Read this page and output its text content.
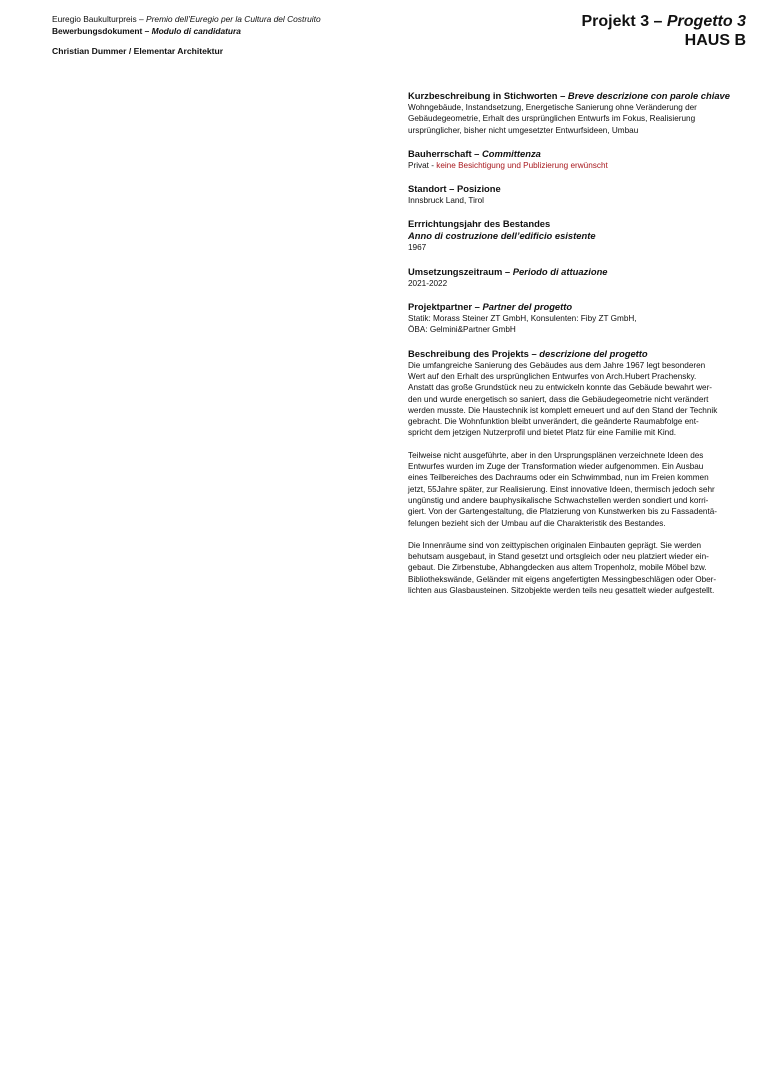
Euregio Baukulturpreis – Premio dell’Euregio per la Cultura del Costruito
Bewerbungsdokument – Modulo di candidatura
Christian Dummer / Elementar Architektur
Projekt 3 – Progetto 3
HAUS B
Kurzbeschreibung in Stichworten – Breve descrizione con parole chiave
Wohngebäude, Instandsetzung, Energetische Sanierung ohne Veränderung der
Gebäudegeometrie, Erhalt des ursprünglichen Entwurfs im Fokus, Realisierung
ursprünglicher, bisher nicht umgesetzter Entwurfsideen, Umbau
Bauherrschaft – Committenza
Privat - keine Besichtigung und Publizierung erwünscht
Standort – Posizione
Innsbruck Land, Tirol
Errrichtungsjahr des Bestandes
Anno di costruzione dell’edificio esistente
1967
Umsetzungszeitraum – Periodo di attuazione
2021-2022
Projektpartner – Partner del progetto
Statik: Morass Steiner ZT GmbH, Konsulenten: Fiby ZT GmbH,
ÖBA: Gelmini&Partner GmbH
Beschreibung des Projekts – descrizione del progetto
Die umfangreiche Sanierung des Gebäudes aus dem Jahre 1967 legt besonderen
Wert auf den Erhalt des ursprünglichen Entwurfes von Arch.Hubert Prachensky.
Anstatt das große Grundstück neu zu entwickeln konnte das Gebäude bewahrt wer-
den und wurde energetisch so saniert, dass die Gebäudegeometrie nicht verändert
werden musste. Die Haustechnik ist komplett erneuert und auf den Stand der Technik
gebracht. Die Wohnfunktion bleibt unverändert, die geänderte Raumabfolge ent-
spricht dem jetzigen Nutzerprofil und bietet Platz für eine Familie mit Kind.
Teilweise nicht ausgeführte, aber in den Ursprungsplänen verzeichnete Ideen des
Entwurfes wurden im Zuge der Transformation wieder aufgenommen. Ein Ausbau
eines Teilbereiches des Dachraums oder ein Schwimmbad, nun im Freien kommen
jetzt, 55Jahre später, zur Realisierung. Einst innovative Ideen, thermisch jedoch sehr
ungünstig und andere bauphysikalische Schwachstellen werden sondiert und korri-
giert. Von der Gartengestaltung, die Platzierung von Kunstwerken bis zu Fassadentä-
felungen bezieht sich der Umbau auf die Charakteristik des Bestandes.
Die Innenräume sind von zeittypischen originalen Einbauten geprägt. Sie werden
behutsam ausgebaut, in Stand gesetzt und ortsgleich oder neu platziert wieder ein-
gebaut. Die Zirbenstube, Abhangdecken aus altem Tropenholz, mobile Möbel bzw.
Bibliothekswände, Geländer mit eigens angefertigten Messingbeschlägen oder Ober-
lichten aus Glasbausteinen. Sitzobjekte werden teils neu gesattelt wieder aufgestellt.
